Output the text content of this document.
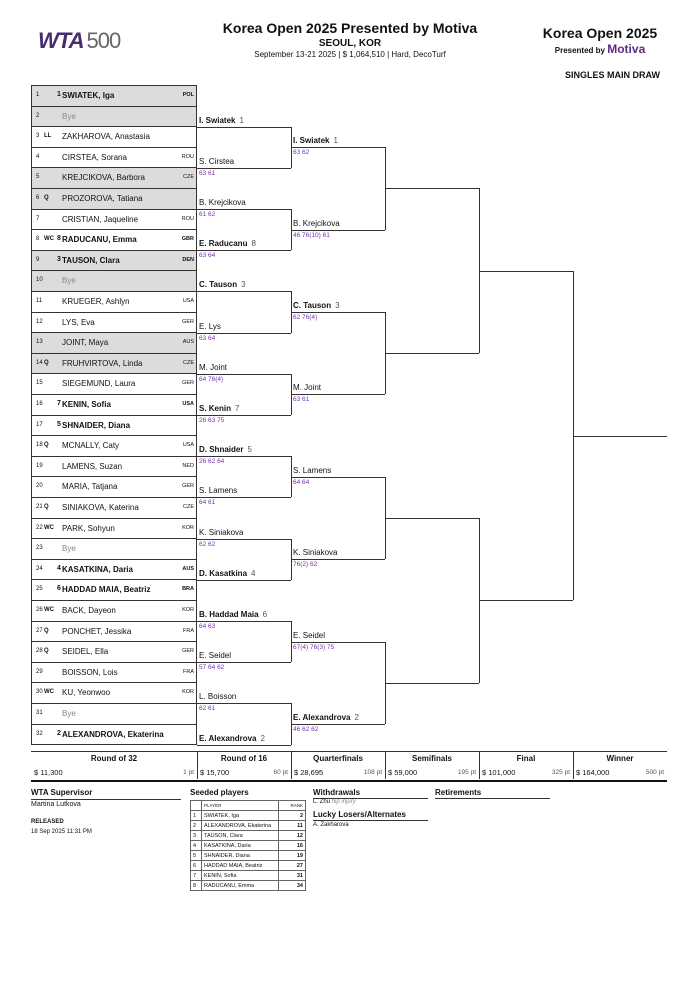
WTA 500	Korea Open 2025 Presented by Motiva
SEOUL, KOR
September 13-21 2025 | $ 1,064,510 | Hard, DecoTurf
Korea Open 2025
Presented by Motiva
SINGLES MAIN DRAW
1	1 SWIATEK, Iga	POL
2	Bye
3 LL ZAKHAROVA, Anastasia
4	CIRSTEA, Sorana	ROU
5	KREJCIKOVA, Barbora	CZE
6 Q PROZOROVA, Tatiana
7	CRISTIAN, Jaqueline	ROU
8 WC 8 RADUCANU, Emma	GBR
9	3 TAUSON, Clara	DEN
10 Bye
11 KRUEGER, Ashlyn	USA
12 LYS, Eva	GER
13 JOINT, Maya	AUS
14 Q FRUHVIRTOVA, Linda	CZE
15 SIEGEMUND, Laura	GER
16 7 KENIN, Sofia	USA
17 5 SHNAIDER, Diana
18 Q MCNALLY, Caty	USA
19 LAMENS, Suzan	NED
20 MARIA, Tatjana	GER
21 Q SINIAKOVA, Katerina	CZE
22 WC PARK, Sohyun	KOR
23 Bye
24 4 KASATKINA, Daria	AUS
25 6 HADDAD MAIA, Beatriz	BRA
26 WC BACK, Dayeon	KOR
27 Q PONCHET, Jessika	FRA
28 Q SEIDEL, Ella	GER
29 BOISSON, Lois	FRA
30 WC KU, Yeonwoo	KOR
31 Bye
32 2 ALEXANDROVA, Ekaterina
I. Swiatek 1
S. Cirstea
63 61
B. Krejcikova
61 62
E. Raducanu 8
63 64
C. Tauson 3
E. Lys
63 64
M. Joint
64 76(4)
S. Kenin 7
26 63 75
D. Shnaider 5
26 62 64
S. Lamens
64 61
K. Siniakova
62 62
D. Kasatkina 4
B. Haddad Maia 6
64 63
E. Seidel
57 64 62
L. Boisson
62 61
E. Alexandrova 2
I. Swiatek 1
63 62
B. Krejcikova
46 76(10) 61
C. Tauson 3
62 76(4)
M. Joint
63 61
S. Lamens
64 64
K. Siniakova
76(2) 62
E. Seidel
67(4) 76(3) 75
E. Alexandrova 2
46 62 62
Round of 32
$ 11,300	1 pt
Round of 16
$ 15,700	60 pt
Quarterfinals
$ 28,695	108 pt
Semifinals
$ 59,000	195 pt
Final
$ 101,000	325 pt
Winner
$ 164,000	500 pt
WTA Supervisor
Martina Lutkova
RELEASED
18 Sep 2025 11:31 PM
Seeded players
	PLAYER	RANK
1	SWIATEK, Iga	2
2	ALEXANDROVA, Ekaterina	11
3	TAUSON, Clara	12
4	KASATKINA, Daria	16
5	SHNAIDER, Diana	19
6	HADDAD MAIA, Beatriz	27
7	KENIN, Sofia	31
8	RADUCANU, Emma	34
Withdrawals
L. Zhu hip injury
Lucky Losers/Alternates
A. Zakharova
Retirements
